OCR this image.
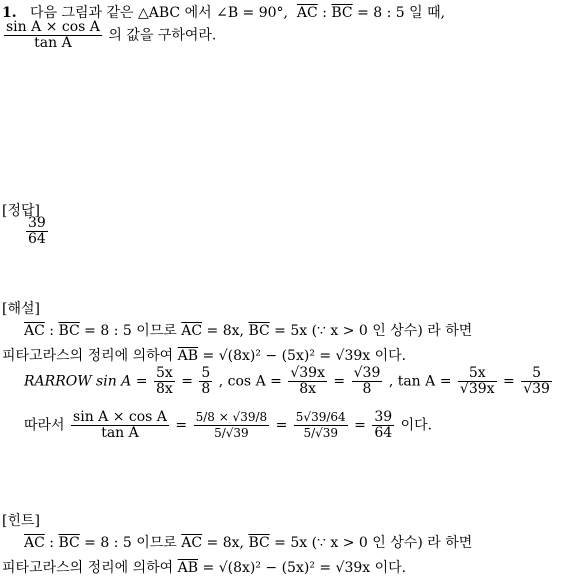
1. 다음 그림과 같은 △ABC 에서 ∠B = 90°, $\overline{AC}$ : $\overline{BC} = 8$ : 5 일 때,
$\frac{\text{sin A × cos A}}{\text{tan A}}$ 의 값을 구하여라.
[정답]
$\frac{39}{64}$
[해설]
$\overline{AC}$ : $\overline{BC} = 8$ : 5 이므로 $\overline{AC} = 8x$, $\overline{BC} = 5x$ (∵ x > 0 인 상수) 라 하면
피타고라스의 정리에 의하여 $\overline{AB} = √(8x)^2 - (5x)^2 = √39x$ 이다.
RARROW $\sin A = \frac{5x}{8x} = \frac{5}{8}$ , $\cos A = \frac{√39x}{8x} = \frac{√39}{8}$ , $\tan A = \frac{5x}{√39x} = \frac{5}{√39}$
따라서 $\frac{\text{sin A × cos A}}{\text{tan A}} = \frac{5/8 \times √39/8}{5/√39} = \frac{5√39/64}{5/√39} = \frac{39}{64}$ 이다.
[힌트]
$\overline{AC}$ : $\overline{BC} = 8$ : 5 이므로 $\overline{AC} = 8x$, $\overline{BC} = 5x$ (∵ x > 0 인 상수) 라 하면
피타고라스의 정리에 의하여 $\overline{AB} = √(8x)^2 - (5x)^2 = √39x$ 이다.
